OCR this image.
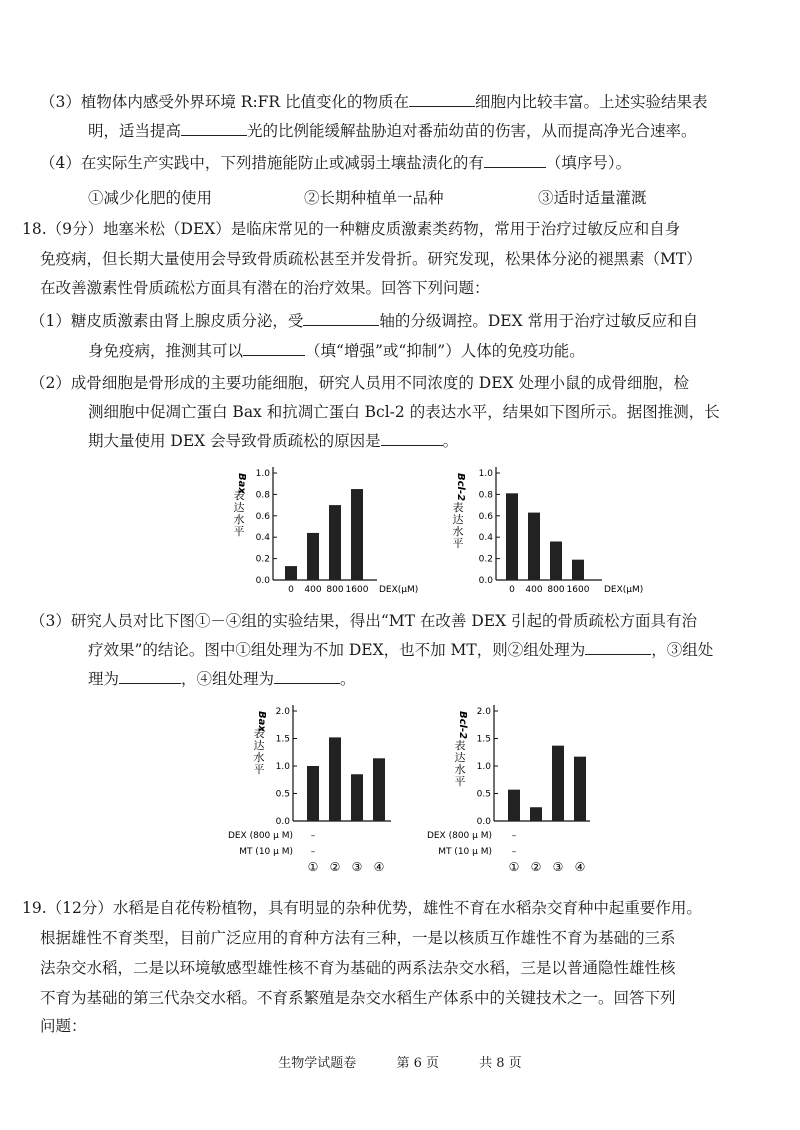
（3）植物体内感受外界环境 R:FR 比值变化的物质在	细胞内比较丰富。上述实验结果表
明，适当提高	光的比例能缓解盐胁迫对番茄幼苗的伤害，从而提高净光合速率。
（4）在实际生产实践中，下列措施能防止或减弱土壤盐渍化的有	（填序号）。
①减少化肥的使用	②长期种植单一品种	③适时适量灌溉
18.（9分）地塞米松（DEX）是临床常见的一种糖皮质激素类药物，常用于治疗过敏反应和自身
免疫病，但长期大量使用会导致骨质疏松甚至并发骨折。研究发现，松果体分泌的褪黑素（MT）
在改善激素性骨质疏松方面具有潜在的治疗效果。回答下列问题：
（1）糖皮质激素由肾上腺皮质分泌，受	轴的分级调控。DEX 常用于治疗过敏反应和自
身免疫病，推测其可以	（填“增强”或“抑制”）人体的免疫功能。
（2）成骨细胞是骨形成的主要功能细胞，研究人员用不同浓度的 DEX 处理小鼠的成骨细胞，检
测细胞中促凋亡蛋白 Bax 和抗凋亡蛋白 Bcl-2 的表达水平，结果如下图所示。据图推测，长
期大量使用 DEX 会导致骨质疏松的原因是	。
Bax
表
达
水
平
0.0
0.2
0.4
0.6
0.8
1.0
0 400 800 1600 DEX(μM)
Bcl-2
表
达
水
平
0.0
0.2
0.4
0.6
0.8
1.0
0 400 800 1600 DEX(μM)
（3）研究人员对比下图①－④组的实验结果，得出“MT 在改善 DEX 引起的骨质疏松方面具有治
疗效果”的结论。图中①组处理为不加 DEX，也不加 MT，则②组处理为	，③组处
理为	，④组处理为	。
Bax
表
达
水
平
0.0
0.5
1.0
1.5
2.0
DEX (800 μ M)
MT (10 μ M)
–
–
① ② ③ ④
Bcl-2
表
达
水
平
0.0
0.5
1.0
1.5
2.0
DEX (800 μ M)
MT (10 μ M)
–
–
① ② ③ ④
19.（12分）水稻是自花传粉植物，具有明显的杂种优势，雄性不育在水稻杂交育种中起重要作用。
根据雄性不育类型，目前广泛应用的育种方法有三种，一是以核质互作雄性不育为基础的三系
法杂交水稻，二是以环境敏感型雄性核不育为基础的两系法杂交水稻，三是以普通隐性雄性核
不育为基础的第三代杂交水稻。不育系繁殖是杂交水稻生产体系中的关键技术之一。回答下列
问题：
生物学试题卷	第 6 页	共 8 页
